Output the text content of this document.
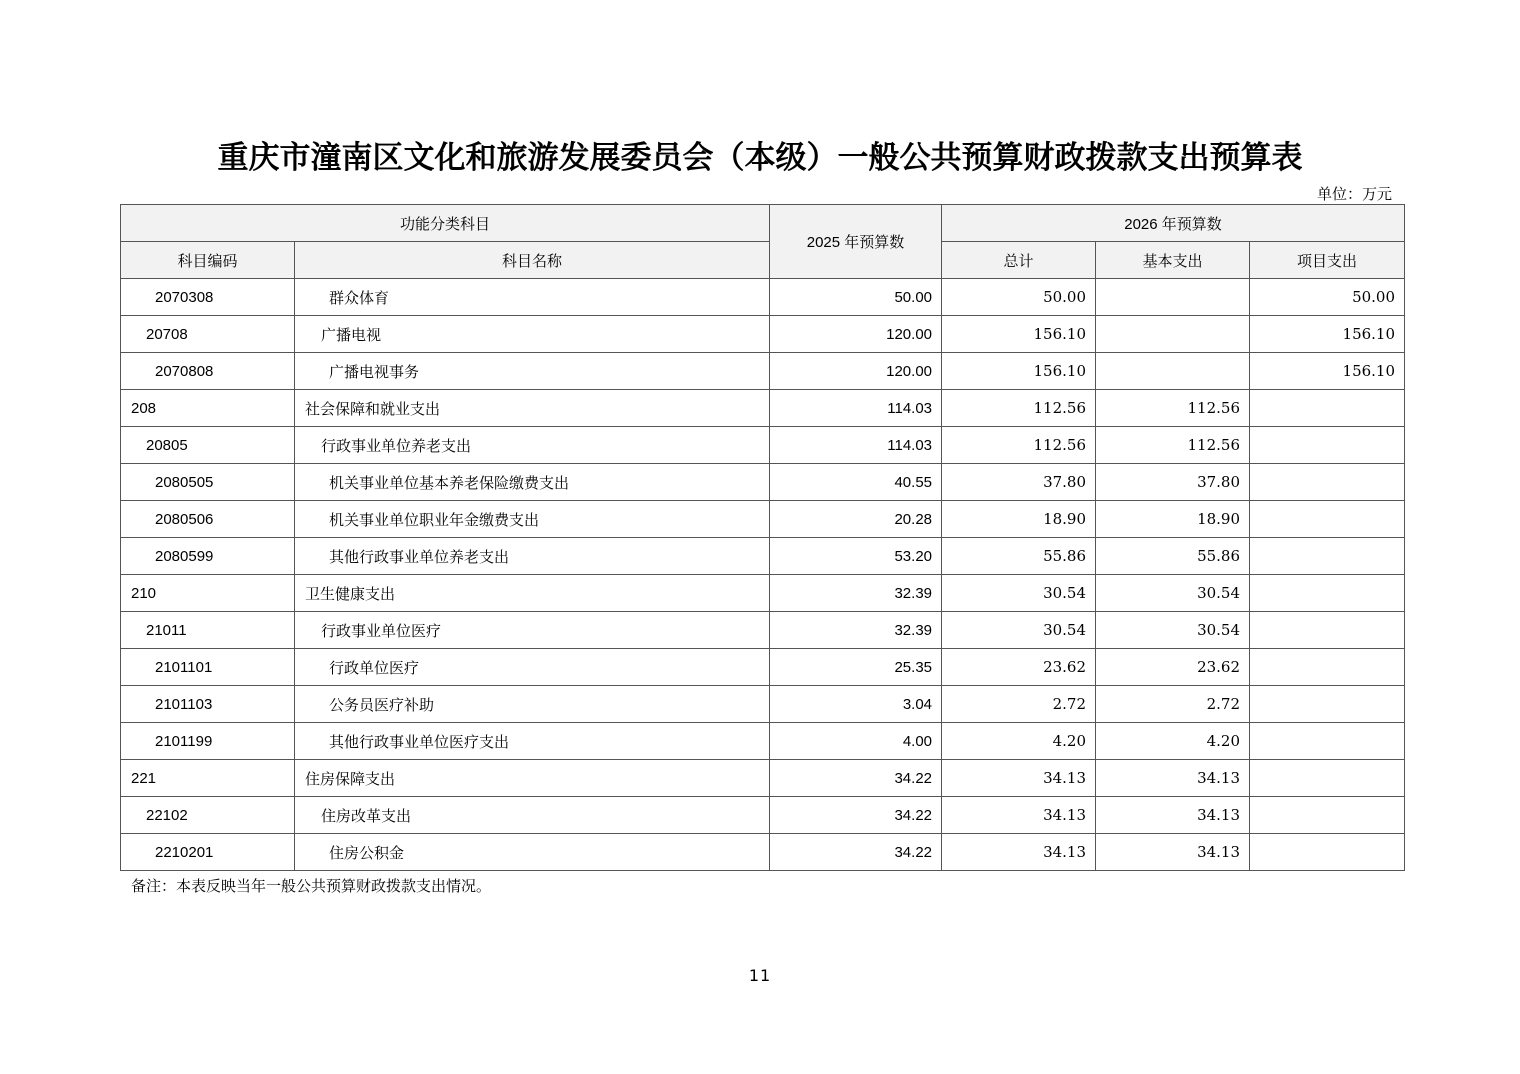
重庆市潼南区文化和旅游发展委员会（本级）一般公共预算财政拨款支出预算表
单位：万元
功能分类科目		2025 年预算数	2026 年预算数		
科目编码	科目名称		总计	基本支出	项目支出
2070308	群众体育	50.00	50.00		50.00
20708	广播电视	120.00	156.10		156.10
2070808	广播电视事务	120.00	156.10		156.10
208	社会保障和就业支出	114.03	112.56	112.56	
20805	行政事业单位养老支出	114.03	112.56	112.56	
2080505	机关事业单位基本养老保险缴费支出	40.55	37.80	37.80	
2080506	机关事业单位职业年金缴费支出	20.28	18.90	18.90	
2080599	其他行政事业单位养老支出	53.20	55.86	55.86	
210	卫生健康支出	32.39	30.54	30.54	
21011	行政事业单位医疗	32.39	30.54	30.54	
2101101	行政单位医疗	25.35	23.62	23.62	
2101103	公务员医疗补助	3.04	2.72	2.72	
2101199	其他行政事业单位医疗支出	4.00	4.20	4.20	
221	住房保障支出	34.22	34.13	34.13	
22102	住房改革支出	34.22	34.13	34.13	
2210201	住房公积金	34.22	34.13	34.13	
备注：本表反映当年一般公共预算财政拨款支出情况。
11
